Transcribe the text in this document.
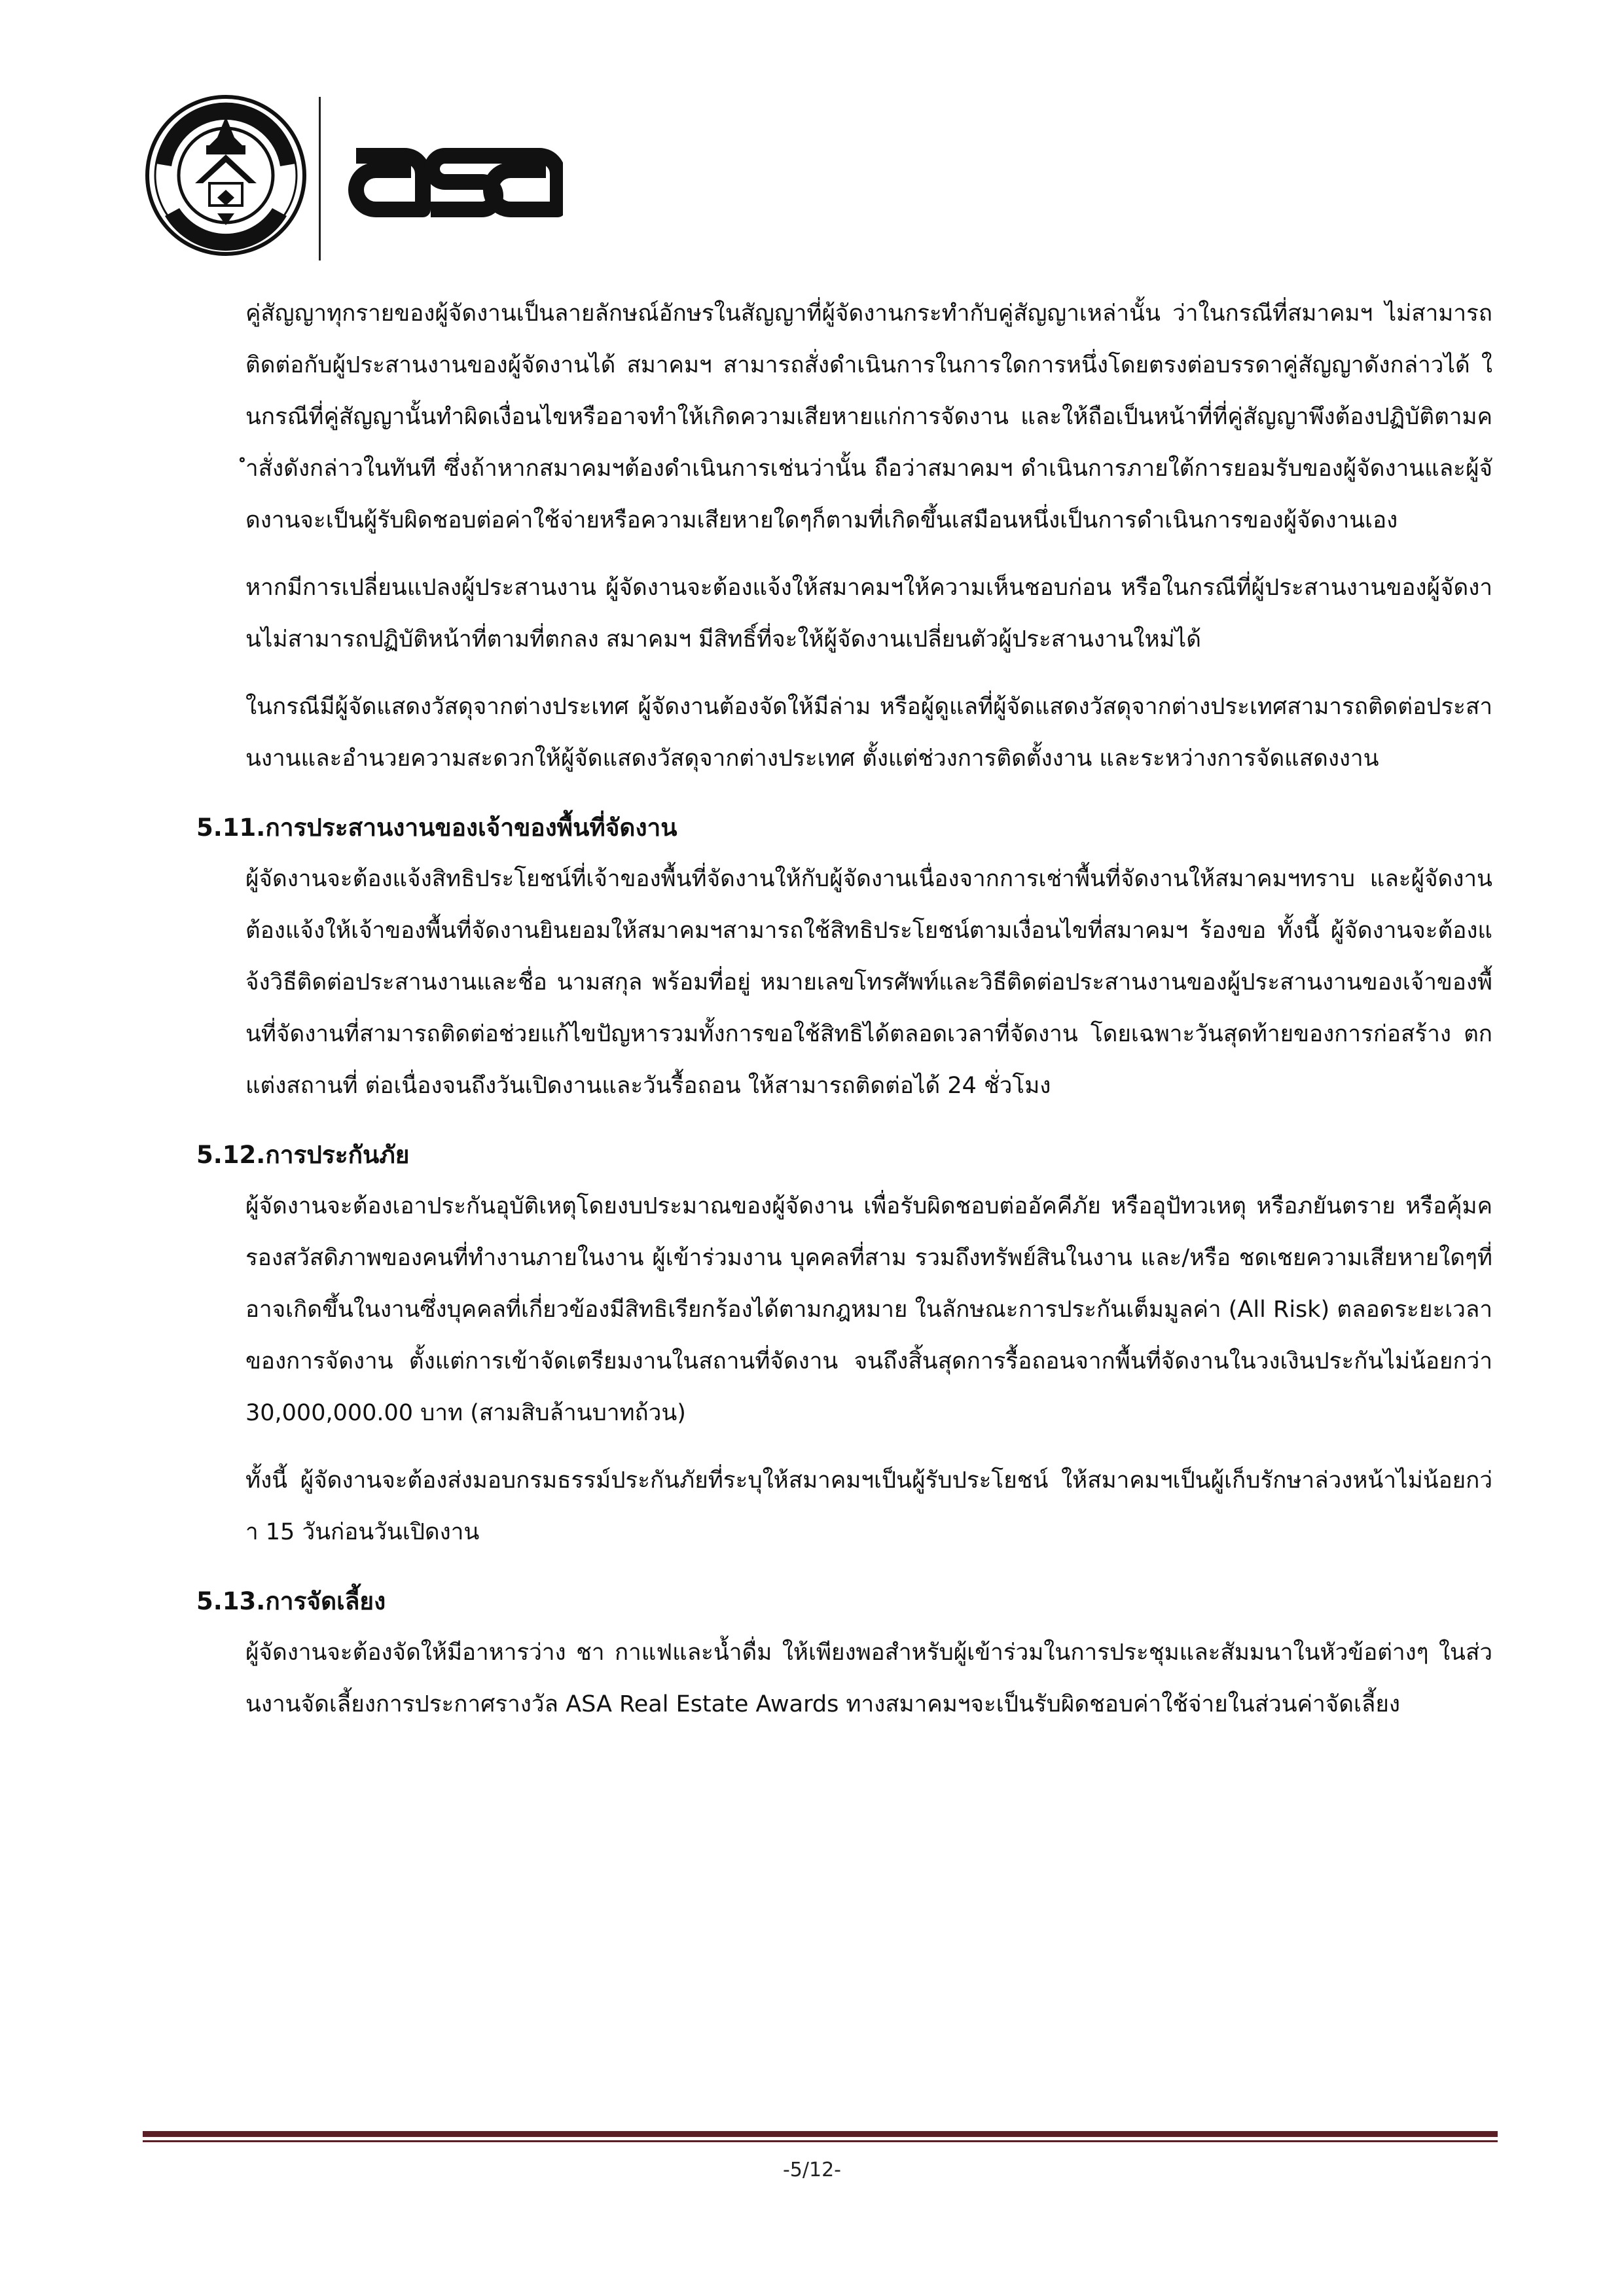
คู่สัญญาทุกรายของผู้จัดงานเป็นลายลักษณ์อักษรในสัญญาที่ผู้จัดงานกระทำกับคู่สัญญาเหล่านั้น ว่าในกรณีที่สมาคมฯ ไม่สามารถติดต่อกับผู้ประสานงานของผู้จัดงานได้ สมาคมฯ สามารถสั่งดำเนินการในการใดการหนึ่งโดยตรงต่อบรรดาคู่สัญญาดังกล่าวได้ ในกรณีที่คู่สัญญานั้นทำผิดเงื่อนไขหรืออาจทำให้เกิดความเสียหายแก่การจัดงาน และให้ถือเป็นหน้าที่ที่คู่สัญญาพึงต้องปฏิบัติตามคำสั่งดังกล่าวในทันที ซึ่งถ้าหากสมาคมฯต้องดำเนินการเช่นว่านั้น ถือว่าสมาคมฯ ดำเนินการภายใต้การยอมรับของผู้จัดงานและผู้จัดงานจะเป็นผู้รับผิดชอบต่อค่าใช้จ่ายหรือความเสียหายใดๆก็ตามที่เกิดขึ้นเสมือนหนึ่งเป็นการดำเนินการของผู้จัดงานเอง

หากมีการเปลี่ยนแปลงผู้ประสานงาน ผู้จัดงานจะต้องแจ้งให้สมาคมฯให้ความเห็นชอบก่อน หรือในกรณีที่ผู้ประสานงานของผู้จัดงานไม่สามารถปฏิบัติหน้าที่ตามที่ตกลง สมาคมฯ มีสิทธิ์ที่จะให้ผู้จัดงานเปลี่ยนตัวผู้ประสานงานใหม่ได้

ในกรณีมีผู้จัดแสดงวัสดุจากต่างประเทศ ผู้จัดงานต้องจัดให้มีล่าม หรือผู้ดูแลที่ผู้จัดแสดงวัสดุจากต่างประเทศสามารถติดต่อประสานงานและอำนวยความสะดวกให้ผู้จัดแสดงวัสดุจากต่างประเทศ ตั้งแต่ช่วงการติดตั้งงาน และระหว่างการจัดแสดงงาน

5.11.การประสานงานของเจ้าของพื้นที่จัดงาน

ผู้จัดงานจะต้องแจ้งสิทธิประโยชน์ที่เจ้าของพื้นที่จัดงานให้กับผู้จัดงานเนื่องจากการเช่าพื้นที่จัดงานให้สมาคมฯทราบ และผู้จัดงานต้องแจ้งให้เจ้าของพื้นที่จัดงานยินยอมให้สมาคมฯสามารถใช้สิทธิประโยชน์ตามเงื่อนไขที่สมาคมฯ ร้องขอ ทั้งนี้ ผู้จัดงานจะต้องแจ้งวิธีติดต่อประสานงานและชื่อ นามสกุล พร้อมที่อยู่ หมายเลขโทรศัพท์และวิธีติดต่อประสานงานของผู้ประสานงานของเจ้าของพื้นที่จัดงานที่สามารถติดต่อช่วยแก้ไขปัญหารวมทั้งการขอใช้สิทธิได้ตลอดเวลาที่จัดงาน โดยเฉพาะวันสุดท้ายของการก่อสร้าง ตกแต่งสถานที่ ต่อเนื่องจนถึงวันเปิดงานและวันรื้อถอน ให้สามารถติดต่อได้ 24 ชั่วโมง

5.12.การประกันภัย

ผู้จัดงานจะต้องเอาประกันอุบัติเหตุโดยงบประมาณของผู้จัดงาน เพื่อรับผิดชอบต่ออัคคีภัย หรืออุปัทวเหตุ หรือภยันตราย หรือคุ้มครองสวัสดิภาพของคนที่ทำงานภายในงาน ผู้เข้าร่วมงาน บุคคลที่สาม รวมถึงทรัพย์สินในงาน และ/หรือ ชดเชยความเสียหายใดๆที่อาจเกิดขึ้นในงานซึ่งบุคคลที่เกี่ยวข้องมีสิทธิเรียกร้องได้ตามกฎหมาย ในลักษณะการประกันเต็มมูลค่า (All Risk) ตลอดระยะเวลาของการจัดงาน ตั้งแต่การเข้าจัดเตรียมงานในสถานที่จัดงาน จนถึงสิ้นสุดการรื้อถอนจากพื้นที่จัดงานในวงเงินประกันไม่น้อยกว่า 30,000,000.00 บาท (สามสิบล้านบาทถ้วน)

ทั้งนี้ ผู้จัดงานจะต้องส่งมอบกรมธรรม์ประกันภัยที่ระบุให้สมาคมฯเป็นผู้รับประโยชน์ ให้สมาคมฯเป็นผู้เก็บรักษาล่วงหน้าไม่น้อยกว่า 15 วันก่อนวันเปิดงาน

5.13.การจัดเลี้ยง

ผู้จัดงานจะต้องจัดให้มีอาหารว่าง ชา กาแฟและน้ำดื่ม ให้เพียงพอสำหรับผู้เข้าร่วมในการประชุมและสัมมนาในหัวข้อต่างๆ ในส่วนงานจัดเลี้ยงการประกาศรางวัล ASA Real Estate Awards ทางสมาคมฯจะเป็นรับผิดชอบค่าใช้จ่ายในส่วนค่าจัดเลี้ยง

-5/12-
